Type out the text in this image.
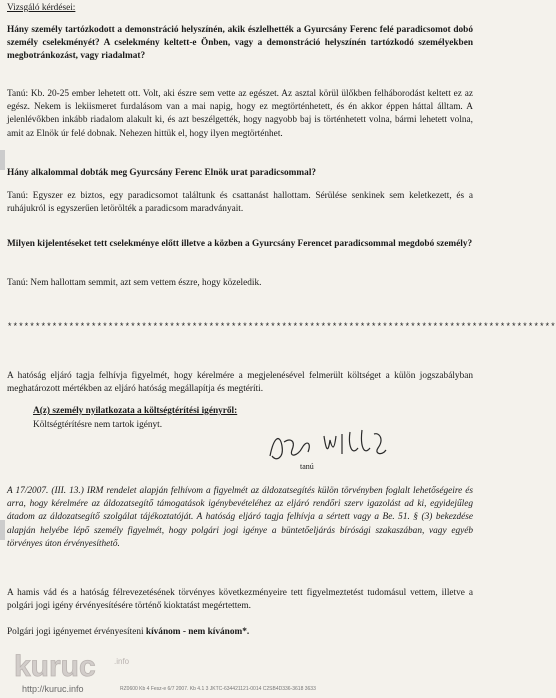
Vizsgáló kérdései:
Hány személy tartózkodott a demonstráció helyszínén, akik észlelhették a Gyurcsány Ferenc felé paradicsomot dobó személy cselekményét? A cselekmény keltett-e Önben, vagy a demonstráció helyszínén tartózkodó személyekben megbotránkozást, vagy riadalmat?
Tanú: Kb. 20-25 ember lehetett ott. Volt, aki észre sem vette az egészet. Az asztal körül ülőkben felháborodást keltett ez az egész. Nekem is lekiismeret furdalásom van a mai napig, hogy ez megtörténhetett, és én akkor éppen háttal álltam. A jelenlévőkben inkább riadalom alakult ki, és azt beszélgették, hogy nagyobb baj is történhetett volna, bármi lehetett volna, amit az Elnök úr felé dobnak. Nehezen hittük el, hogy ilyen megtörténhet.
Hány alkalommal dobták meg Gyurcsány Ferenc Elnök urat paradicsommal?
Tanú: Egyszer ez biztos, egy paradicsomot találtunk és csattanást hallottam. Sérülése senkinek sem keletkezett, és a ruhájukról is egyszerűen letörölték a paradicsom maradványait.
Milyen kijelentéseket tett cselekménye előtt illetve a közben a Gyurcsány Ferencet paradicsommal megdobó személy?
Tanú: Nem hallottam semmit, azt sem vettem észre, hogy közeledik.
**************************************************************************************************
A hatóság eljáró tagja felhívja figyelmét, hogy kérelmére a megjelenésével felmerült költséget a külön jogszabályban meghatározott mértékben az eljáró hatóság megállapítja és megtéríti.
A(z) személy nyilatkozata a költségtérítési igényről:
Költségtérítésre nem tartok igényt.
tanú
A 17/2007. (III. 13.) IRM rendelet alapján felhívom a figyelmét az áldozatsegítés külön törvényben foglalt lehetőségeire és arra, hogy kérelmére az áldozatsegítő támogatások igénybevételéhez az eljáró rendőri szerv igazolást ad ki, egyidejűleg átadom az áldozatsegítő szolgálat tájékoztatóját. A hatóság eljáró tagja felhívja a sértett vagy a Be. 51. § (3) bekezdése alapján helyébe lépő személy figyelmét, hogy polgári jogi igénye a büntetőeljárás bírósági szakaszában, vagy egyéb törvényes úton érvényesíthető.
A hamis vád és a hatóság félrevezetésének törvényes következményeire tett figyelmeztetést tudomásul vettem, illetve a polgári jogi igény érvényesítésére történő kioktatást megértettem.
Polgári jogi igényemet érvényesíteni kívánom - nem kívánom*.
kuruc .info
http://kuruc.info	RZ0600 Kb 4 Fesz-e 6/7 2007. Kb 4.1 3 JKTC-634421121-0014 C2SB4D336-3618 3633
